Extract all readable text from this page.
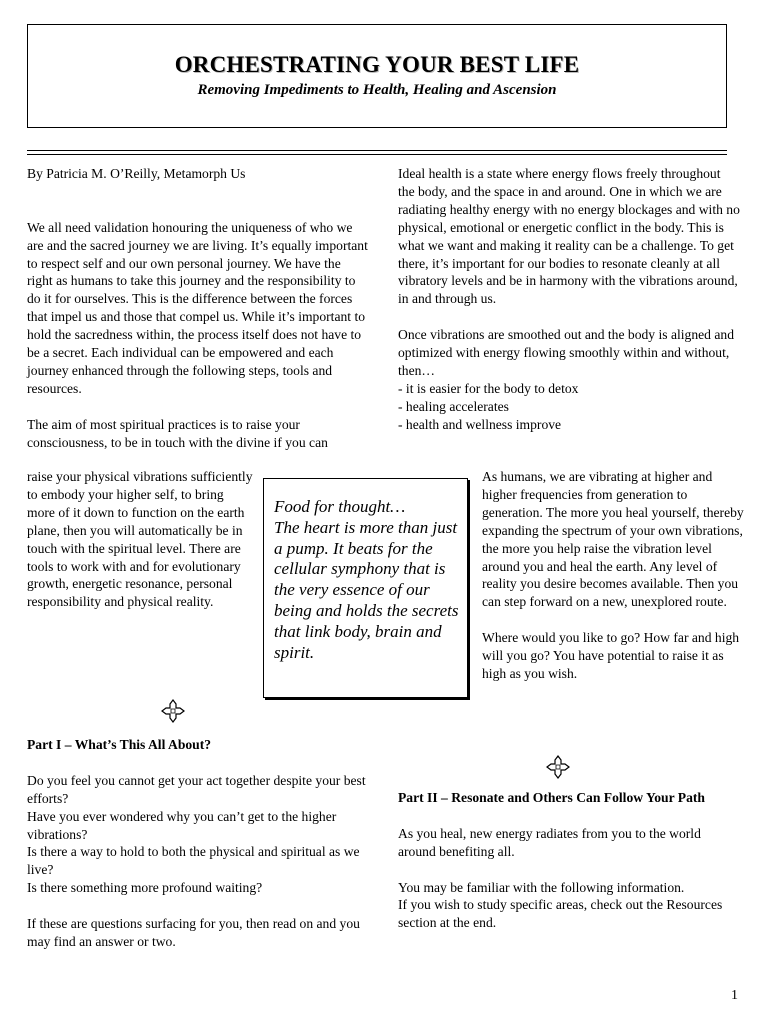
ORCHESTRATING YOUR BEST LIFE
Removing Impediments to Health, Healing and Ascension

By Patricia M. O’Reilly, Metamorph Us

We all need validation honouring the uniqueness of who we are and the sacred journey we are living. It’s equally important to respect self and our own personal journey. We have the right as humans to take this journey and the responsibility to do it for ourselves. This is the difference between the forces that impel us and those that compel us. While it’s important to hold the sacredness within, the process itself does not have to be a secret. Each individual can be empowered and each journey enhanced through the following steps, tools and resources.

The aim of most spiritual practices is to raise your consciousness, to be in touch with the divine if you can

raise your physical vibrations sufficiently to embody your higher self, to bring more of it down to function on the earth plane, then you will automatically be in touch with the spiritual level. There are tools to work with and for evolutionary growth, energetic resonance, personal responsibility and physical reality.

Food for thought…

The heart is more than just a pump. It beats for the cellular symphony that is the very essence of our being and holds the secrets that link body, brain and spirit.

Part I – What’s This All About?

Do you feel you cannot get your act together despite your best efforts?

Have you ever wondered why you can’t get to the higher vibrations?

Is there a way to hold to both the physical and spiritual as we live?

Is there something more profound waiting?

If these are questions surfacing for you, then read on and you may find an answer or two.

Ideal health is a state where energy flows freely throughout the body, and the space in and around. One in which we are radiating healthy energy with no energy blockages and with no physical, emotional or energetic conflict in the body. This is what we want and making it reality can be a challenge. To get there, it’s important for our bodies to resonate cleanly at all vibratory levels and be in harmony with the vibrations around, in and through us.

Once vibrations are smoothed out and the body is aligned and optimized with energy flowing smoothly within and without, then…

- it is easier for the body to detox

- healing accelerates

- health and wellness improve

As humans, we are vibrating at higher and higher frequencies from generation to generation. The more you heal yourself, thereby expanding the spectrum of your own vibrations, the more you help raise the vibration level around you and heal the earth. Any level of reality you desire becomes available. Then you can step forward on a new, unexplored route.

Where would you like to go? How far and high will you go? You have potential to raise it as high as you wish.

Part II – Resonate and Others Can Follow Your Path

As you heal, new energy radiates from you to the world around benefiting all.

You may be familiar with the following information.

If you wish to study specific areas, check out the Resources section at the end.

1
